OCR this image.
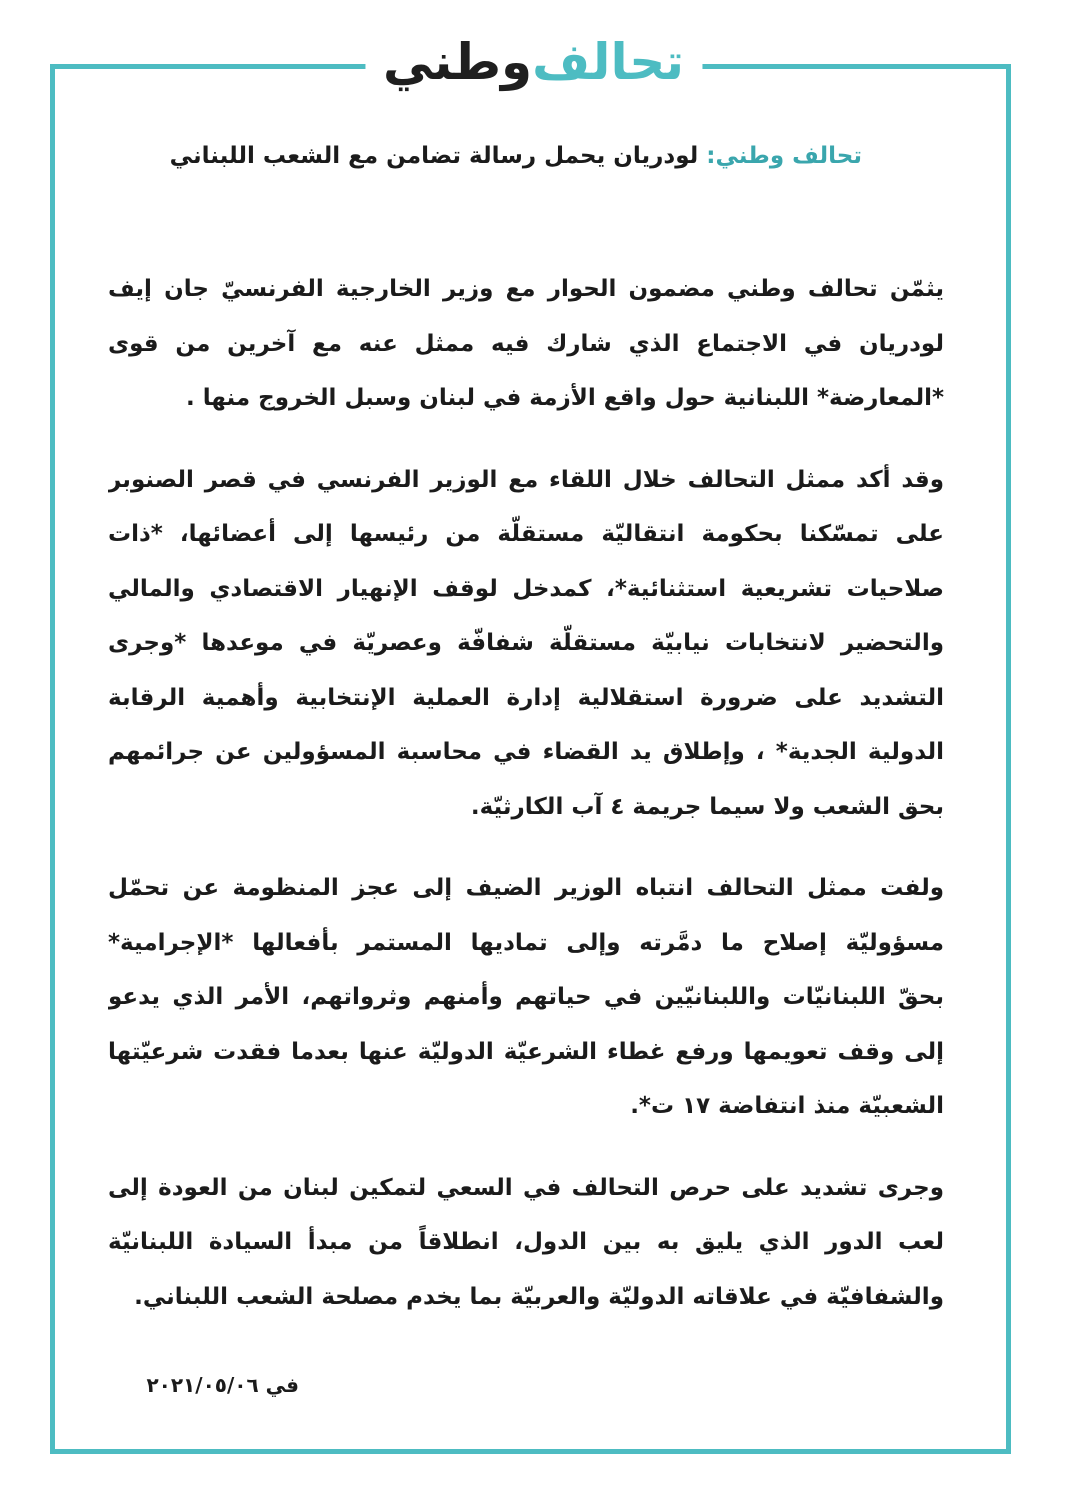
تحالف
وطني
تحالف وطني: لودريان يحمل رسالة تضامن مع الشعب اللبناني
يثمّن تحالف وطني مضمون الحوار مع وزير الخارجية الفرنسيّ جان إيف
لودريان في الاجتماع الذي شارك فيه ممثل عنه مع آخرين من قوى
*المعارضة* اللبنانية حول واقع الأزمة في لبنان وسبل الخروج منها .
وقد أكد ممثل التحالف خلال اللقاء مع الوزير الفرنسي في قصر الصنوبر
على تمسّكنا بحكومة انتقاليّة مستقلّة من رئيسها إلى أعضائها، *ذات
صلاحيات تشريعية استثنائية*، كمدخل لوقف الإنهيار الاقتصادي والمالي
والتحضير لانتخابات نيابيّة مستقلّة شفافّة وعصريّة في موعدها *وجرى
التشديد على ضرورة استقلالية إدارة العملية الإنتخابية وأهمية الرقابة
الدولية الجدية* ، وإطلاق يد القضاء في محاسبة المسؤولين عن جرائمهم
بحق الشعب ولا سيما جريمة ٤ آب الكارثيّة.
ولفت ممثل التحالف انتباه الوزير الضيف إلى عجز المنظومة عن تحمّل
مسؤوليّة إصلاح ما دمَّرته وإلى تماديها المستمر بأفعالها *الإجرامية*
بحقّ اللبنانيّات واللبنانيّين في حياتهم وأمنهم وثرواتهم، الأمر الذي يدعو
إلى وقف تعويمها ورفع غطاء الشرعيّة الدوليّة عنها بعدما فقدت شرعيّتها
الشعبيّة منذ انتفاضة ١٧ ت*.
وجرى تشديد على حرص التحالف في السعي لتمكين لبنان من العودة إلى
لعب الدور الذي يليق به بين الدول، انطلاقاً من مبدأ السيادة اللبنانيّة
والشفافيّة في علاقاته الدوليّة والعربيّة بما يخدم مصلحة الشعب اللبناني.
في ٢٠٢١/٠٥/٠٦
